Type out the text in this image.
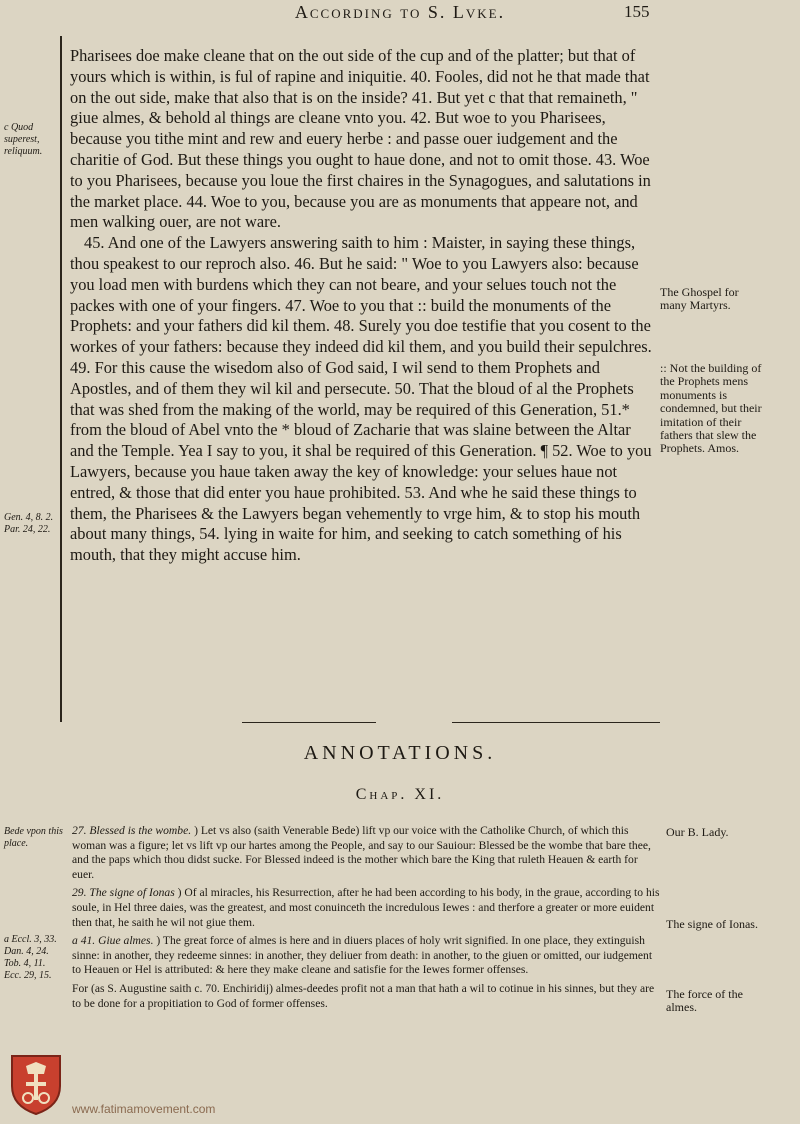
According to S. Lvke.	155

c Quod superest, reliquum.

Gen. 4, 8. 2. Par. 24, 22.

Pharisees doe make cleane that on the out side of the cup and of the platter; but that of yours which is within, is ful of rapine and iniquitie. 40. Fooles, did not he that made that on the out side, make that also that is on the inside? 41. But yet c that that remaineth, " giue almes, & behold al things are cleane vnto you. 42. But woe to you Pharisees, because you tithe mint and rew and euery herbe : and passe ouer iudgement and the charitie of God. But these things you ought to haue done, and not to omit those. 43. Woe to you Pharisees, because you loue the first chaires in the Synagogues, and salutations in the market place. 44. Woe to you, because you are as monuments that appeare not, and men walking ouer, are not ware.

45. And one of the Lawyers answering saith to him : Maister, in saying these things, thou speakest to our reproch also. 46. But he said: " Woe to you Lawyers also: because you load men with burdens which they can not beare, and your selues touch not the packes with one of your fingers. 47. Woe to you that :: build the monuments of the Prophets: and your fathers did kil them. 48. Surely you doe testifie that you cosent to the workes of your fathers: because they indeed did kil them, and you build their sepulchres. 49. For this cause the wisedom also of God said, I wil send to them Prophets and Apostles, and of them they wil kil and persecute. 50. That the bloud of al the Prophets that was shed from the making of the world, may be required of this Generation, 51.* from the bloud of Abel vnto the * bloud of Zacharie that was slaine between the Altar and the Temple. Yea I say to you, it shal be required of this Generation. ¶ 52. Woe to you Lawyers, because you haue taken away the key of knowledge: your selues haue not entred, & those that did enter you haue prohibited. 53. And whe he said these things to them, the Pharisees & the Lawyers began vehemently to vrge him, & to stop his mouth about many things, 54. lying in waite for him, and seeking to catch something of his mouth, that they might accuse him.

The Ghospel for many Martyrs.

:: Not the building of the Prophets mens monuments is condemned, but their imitation of their fathers that slew the Prophets. Amos.

ANNOTATIONS.
Chap. XI.

Bede vpon this place.

a Eccl. 3, 33. Dan. 4, 24. Tob. 4, 11. Ecc. 29, 15.

27. Blessed is the wombe. ) Let vs also (saith Venerable Bede) lift vp our voice with the Catholike Church, of which this woman was a figure; let vs lift vp our hartes among the People, and say to our Sauiour: Blessed be the wombe that bare thee, and the paps which thou didst sucke. For Blessed indeed is the mother which bare the King that ruleth Heauen & earth for euer.

29. The signe of Ionas ) Of al miracles, his Resurrection, after he had been according to his body, in the graue, according to his soule, in Hel three daies, was the greatest, and most conuinceth the incredulous Iewes : and therfore a greater or more euident then that, he saith he wil not giue them.

a 41. Giue almes. ) The great force of almes is here and in diuers places of holy writ signified. In one place, they extinguish sinne: in another, they redeeme sinnes: in another, they deliuer from death: in another, to the giuen or omitted, our iudgement to Heauen or Hel is attributed: & here they make cleane and satisfie for the Iewes former offenses.

For (as S. Augustine saith c. 70. Enchiridij) almes-deedes profit not a man that hath a wil to cotinue in his sinnes, but they are to be done for a propitiation to God of former offenses.

Our B. Lady.

The signe of Ionas.

The force of the almes.

www.fatimamovement.com
